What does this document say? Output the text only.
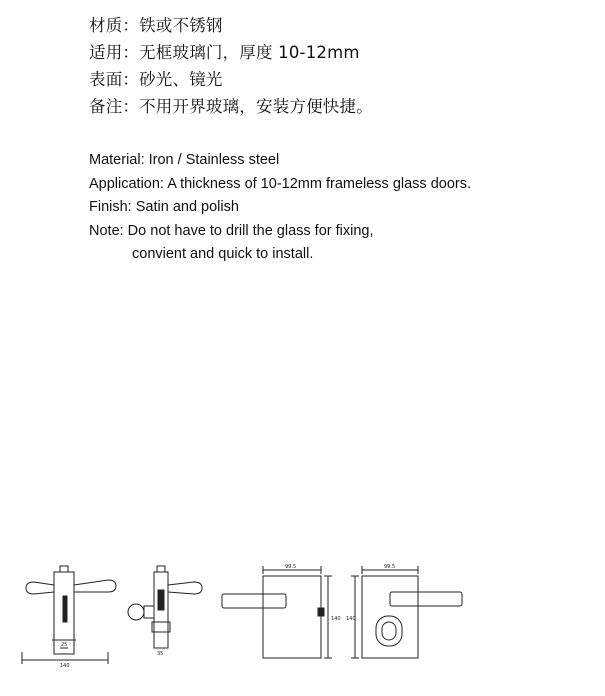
材质：铁或不锈钢
适用：无框玻璃门，厚度 10-12mm
表面：砂光、镜光
备注：不用开界玻璃，安装方便快捷。
Material: Iron / Stainless steel
Application: A thickness of 10-12mm frameless glass doors.
Finish: Satin and polish
Note: Do not have to drill the glass for fixing,
convient and quick to install.
140
25
35
99.5
140
99.5
140
